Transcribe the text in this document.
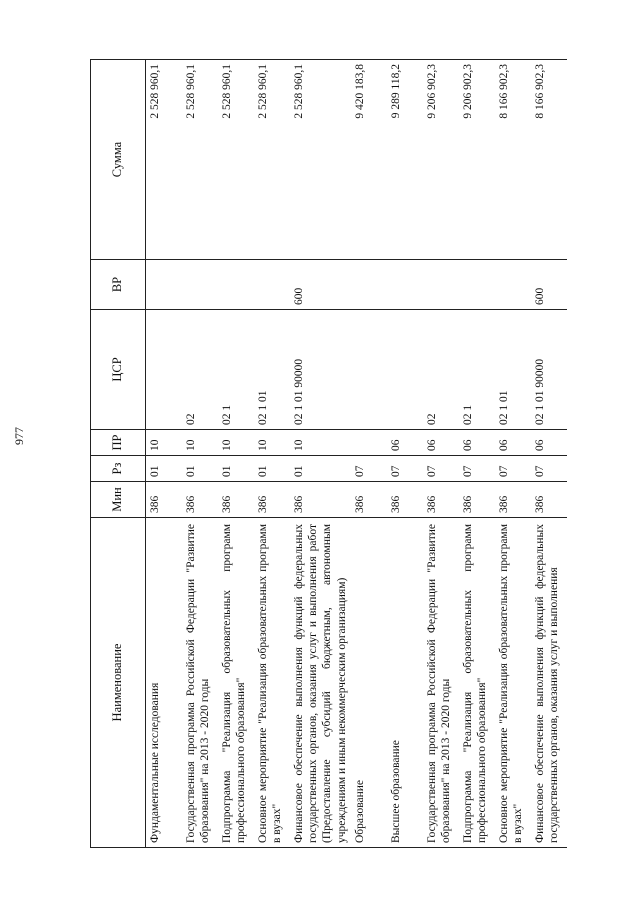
977
Наименование	Мин	Рз	ПР	ЦСР	ВР	Сумма
Фундаментальные исследования	386	01	10			2 528 960,1
Государственная программа Российской Федерации "Развитие образования" на 2013 - 2020 годы	386	01	10	02		2 528 960,1
Подпрограмма "Реализация образовательных программ профессионального образования"	386	01	10	02 1		2 528 960,1
Основное мероприятие "Реализация образовательных программ в вузах"	386	01	10	02 1 01		2 528 960,1
Финансовое обеспечение выполнения функций федеральных государственных органов, оказания услуг и выполнения работ (Предоставление субсидий бюджетным, автономным учреждениям и иным некоммерческим организациям)	386	01	10	02 1 01 90000	600	2 528 960,1
Образование	386	07				9 420 183,8
Высшее образование	386	07	06			9 289 118,2
Государственная программа Российской Федерации "Развитие образования" на 2013 - 2020 годы	386	07	06	02		9 206 902,3
Подпрограмма "Реализация образовательных программ профессионального образования"	386	07	06	02 1		9 206 902,3
Основное мероприятие "Реализация образовательных программ в вузах"	386	07	06	02 1 01		8 166 902,3
Финансовое обеспечение выполнения функций федеральных государственных органов, оказания услуг и выполнения	386	07	06	02 1 01 90000	600	8 166 902,3
